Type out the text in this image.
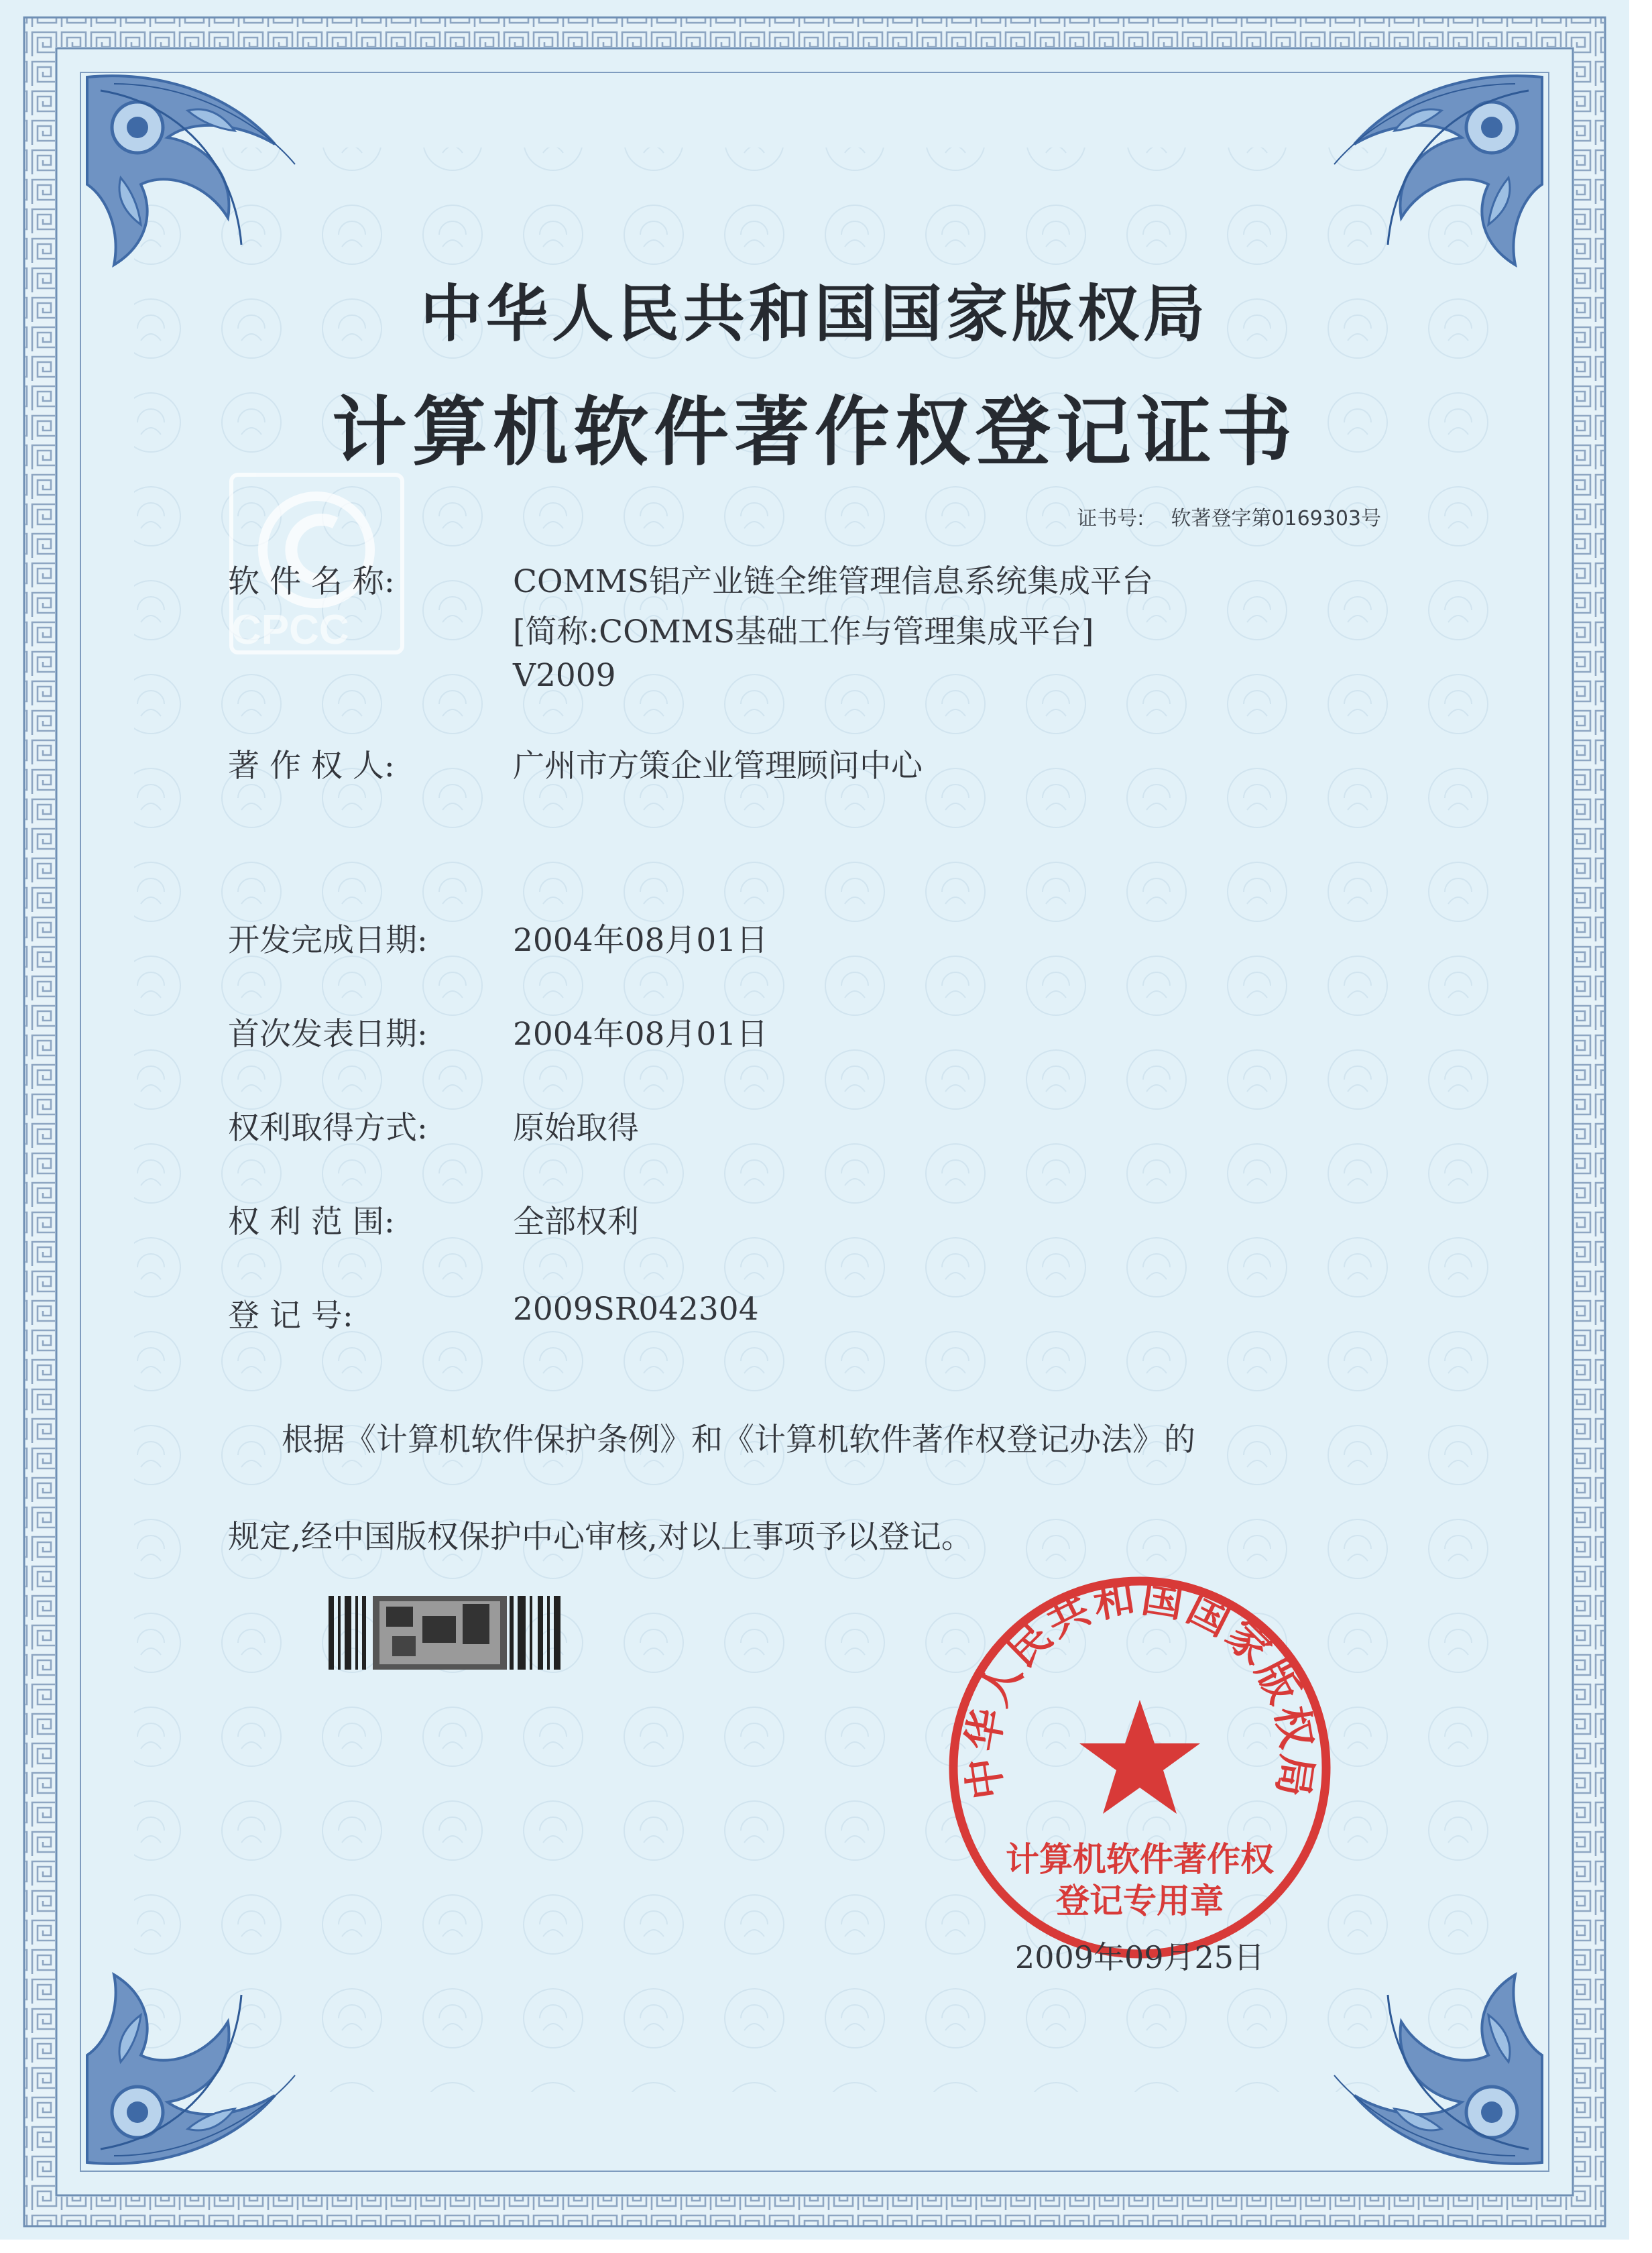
CPCC
中华人民共和国国家版权局
计算机软件著作权
登记专用章
2009年09月25日
中华人民共和国国家版权局
计算机软件著作权登记证书
证书号: 软著登字第0169303号
软 件 名 称:	COMMS铝产业链全维管理信息系统集成平台
[简称:COMMS基础工作与管理集成平台]
V2009
著 作 权 人:	广州市方策企业管理顾问中心
开发完成日期:	2004年08月01日
首次发表日期:	2004年08月01日
权利取得方式:	原始取得
权 利 范 围:	全部权利
登 记 号:	2009SR042304
根据《计算机软件保护条例》和《计算机软件著作权登记办法》的
规定,经中国版权保护中心审核,对以上事项予以登记。
